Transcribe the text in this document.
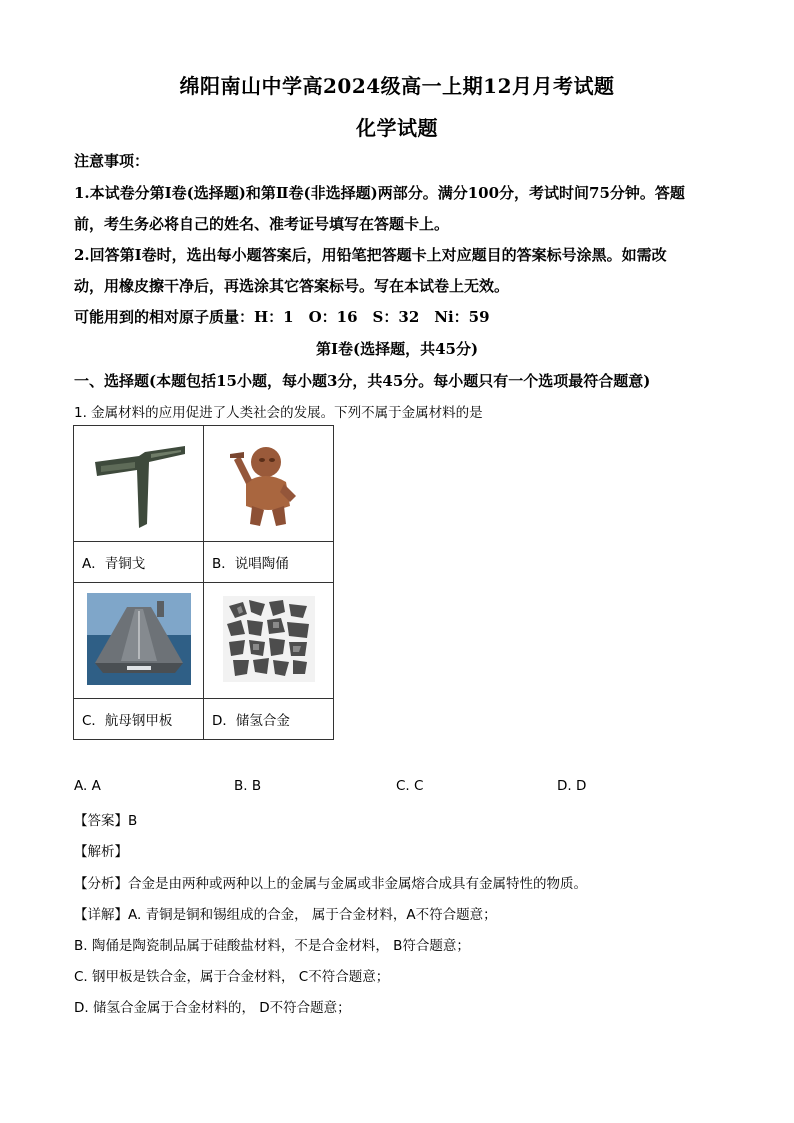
绵阳南山中学高2024级高一上期12月月考试题
化学试题
注意事项：
1.本试卷分第Ⅰ卷(选择题)和第Ⅱ卷(非选择题)两部分。满分100分，考试时间75分钟。答题
前，考生务必将自己的姓名、准考证号填写在答题卡上。
2.回答第Ⅰ卷时，选出每小题答案后，用铅笔把答题卡上对应题目的答案标号涂黑。如需改
动，用橡皮擦干净后，再选涂其它答案标号。写在本试卷上无效。
可能用到的相对原子质量：H：1　O：16　S：32　Ni：59
第Ⅰ卷(选择题，共45分)
一、选择题(本题包括15小题，每小题3分，共45分。每小题只有一个选项最符合题意)
1. 金属材料的应用促进了人类社会的发展。下列不属于金属材料的是

A．青铜戈	B．说唱陶俑

C．航母钢甲板	D．储氢合金
A. A	B. B	C. C	D. D
【答案】B
【解析】
【分析】合金是由两种或两种以上的金属与金属或非金属熔合成具有金属特性的物质。
【详解】A. 青铜是铜和锡组成的合金， 属于合金材料，A不符合题意；
B. 陶俑是陶瓷制品属于硅酸盐材料，不是合金材料， B符合题意；
C. 钢甲板是铁合金，属于合金材料， C不符合题意；
D. 储氢合金属于合金材料的， D不符合题意；
